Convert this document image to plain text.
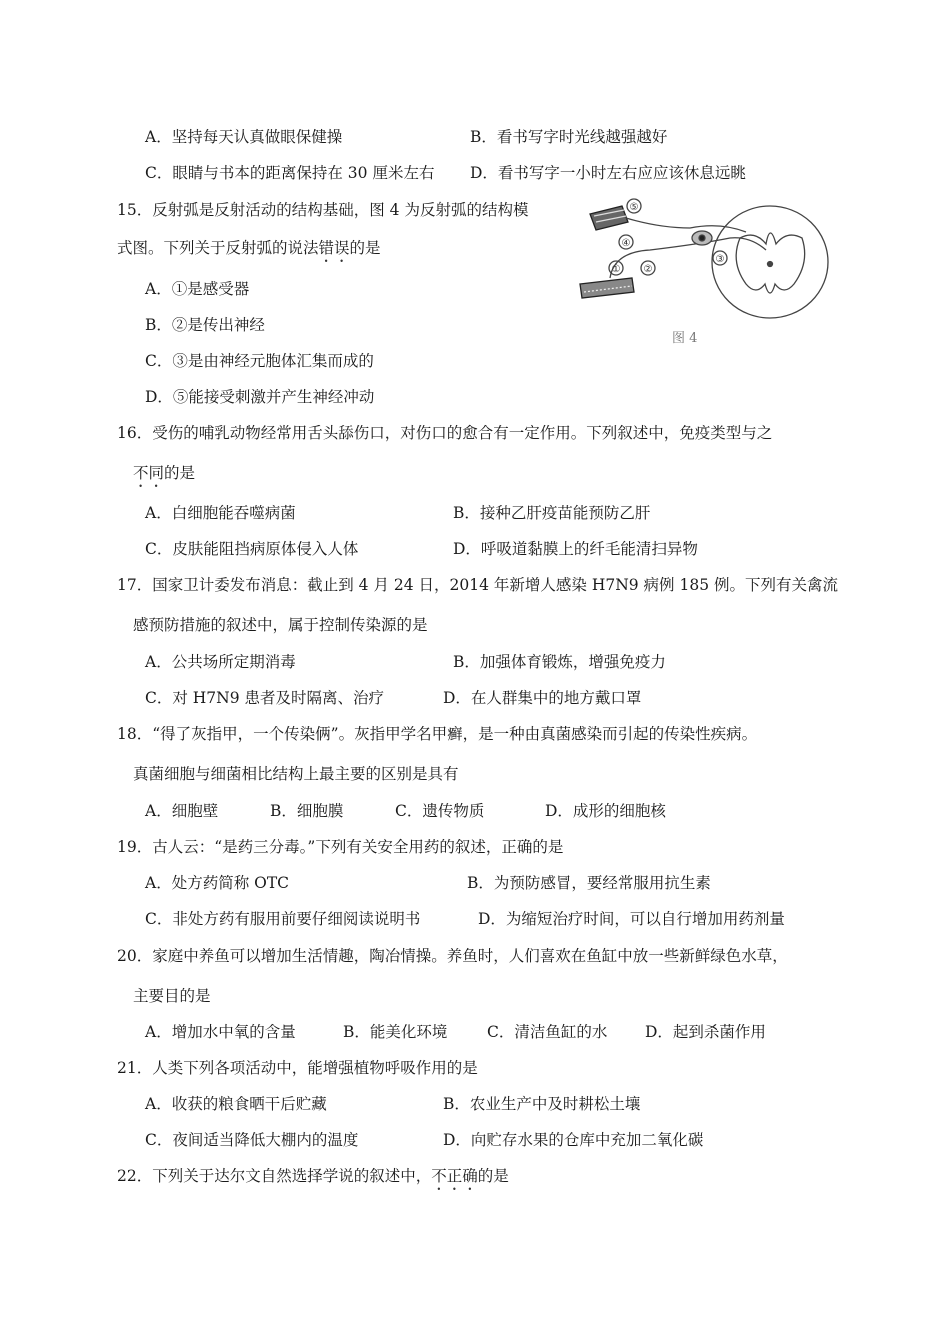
A．坚持每天认真做眼保健操	B．看书写字时光线越强越好
C．眼睛与书本的距离保持在 30 厘米左右 D．看书写字一小时左右应应该休息远眺
15．反射弧是反射活动的结构基础，图 4 为反射弧的结构模
式图。下列关于反射弧的说法错误的是
A．①是感受器
B．②是传出神经
C．③是由神经元胞体汇集而成的
D．⑤能接受刺激并产生神经冲动
① ②
③
④
⑤
图 4
16．受伤的哺乳动物经常用舌头舔伤口，对伤口的愈合有一定作用。下列叙述中，免疫类型与之
不同的是
A．白细胞能吞噬病菌	B．接种乙肝疫苗能预防乙肝
C．皮肤能阻挡病原体侵入人体	D．呼吸道黏膜上的纤毛能清扫异物
17．国家卫计委发布消息：截止到 4 月 24 日，2014 年新增人感染 H7N9 病例 185 例。下列有关禽流
感预防措施的叙述中，属于控制传染源的是
A．公共场所定期消毒	B．加强体育锻炼，增强免疫力
C．对 H7N9 患者及时隔离、治疗	D．在人群集中的地方戴口罩
18．“得了灰指甲，一个传染俩”。灰指甲学名甲癣，是一种由真菌感染而引起的传染性疾病。
真菌细胞与细菌相比结构上最主要的区别是具有
A．细胞壁	B．细胞膜	C．遗传物质	D．成形的细胞核
19．古人云：“是药三分毒。”下列有关安全用药的叙述，正确的是
A．处方药简称 OTC	B．为预防感冒，要经常服用抗生素
C．非处方药有服用前要仔细阅读说明书	D．为缩短治疗时间，可以自行增加用药剂量
20．家庭中养鱼可以增加生活情趣，陶冶情操。养鱼时，人们喜欢在鱼缸中放一些新鲜绿色水草，
主要目的是
A．增加水中氧的含量	B．能美化环境	C．清洁鱼缸的水 D．起到杀菌作用
21．人类下列各项活动中，能增强植物呼吸作用的是
A．收获的粮食晒干后贮藏	B．农业生产中及时耕松土壤
C．夜间适当降低大棚内的温度	D．向贮存水果的仓库中充加二氧化碳
22．下列关于达尔文自然选择学说的叙述中，不正确的是
